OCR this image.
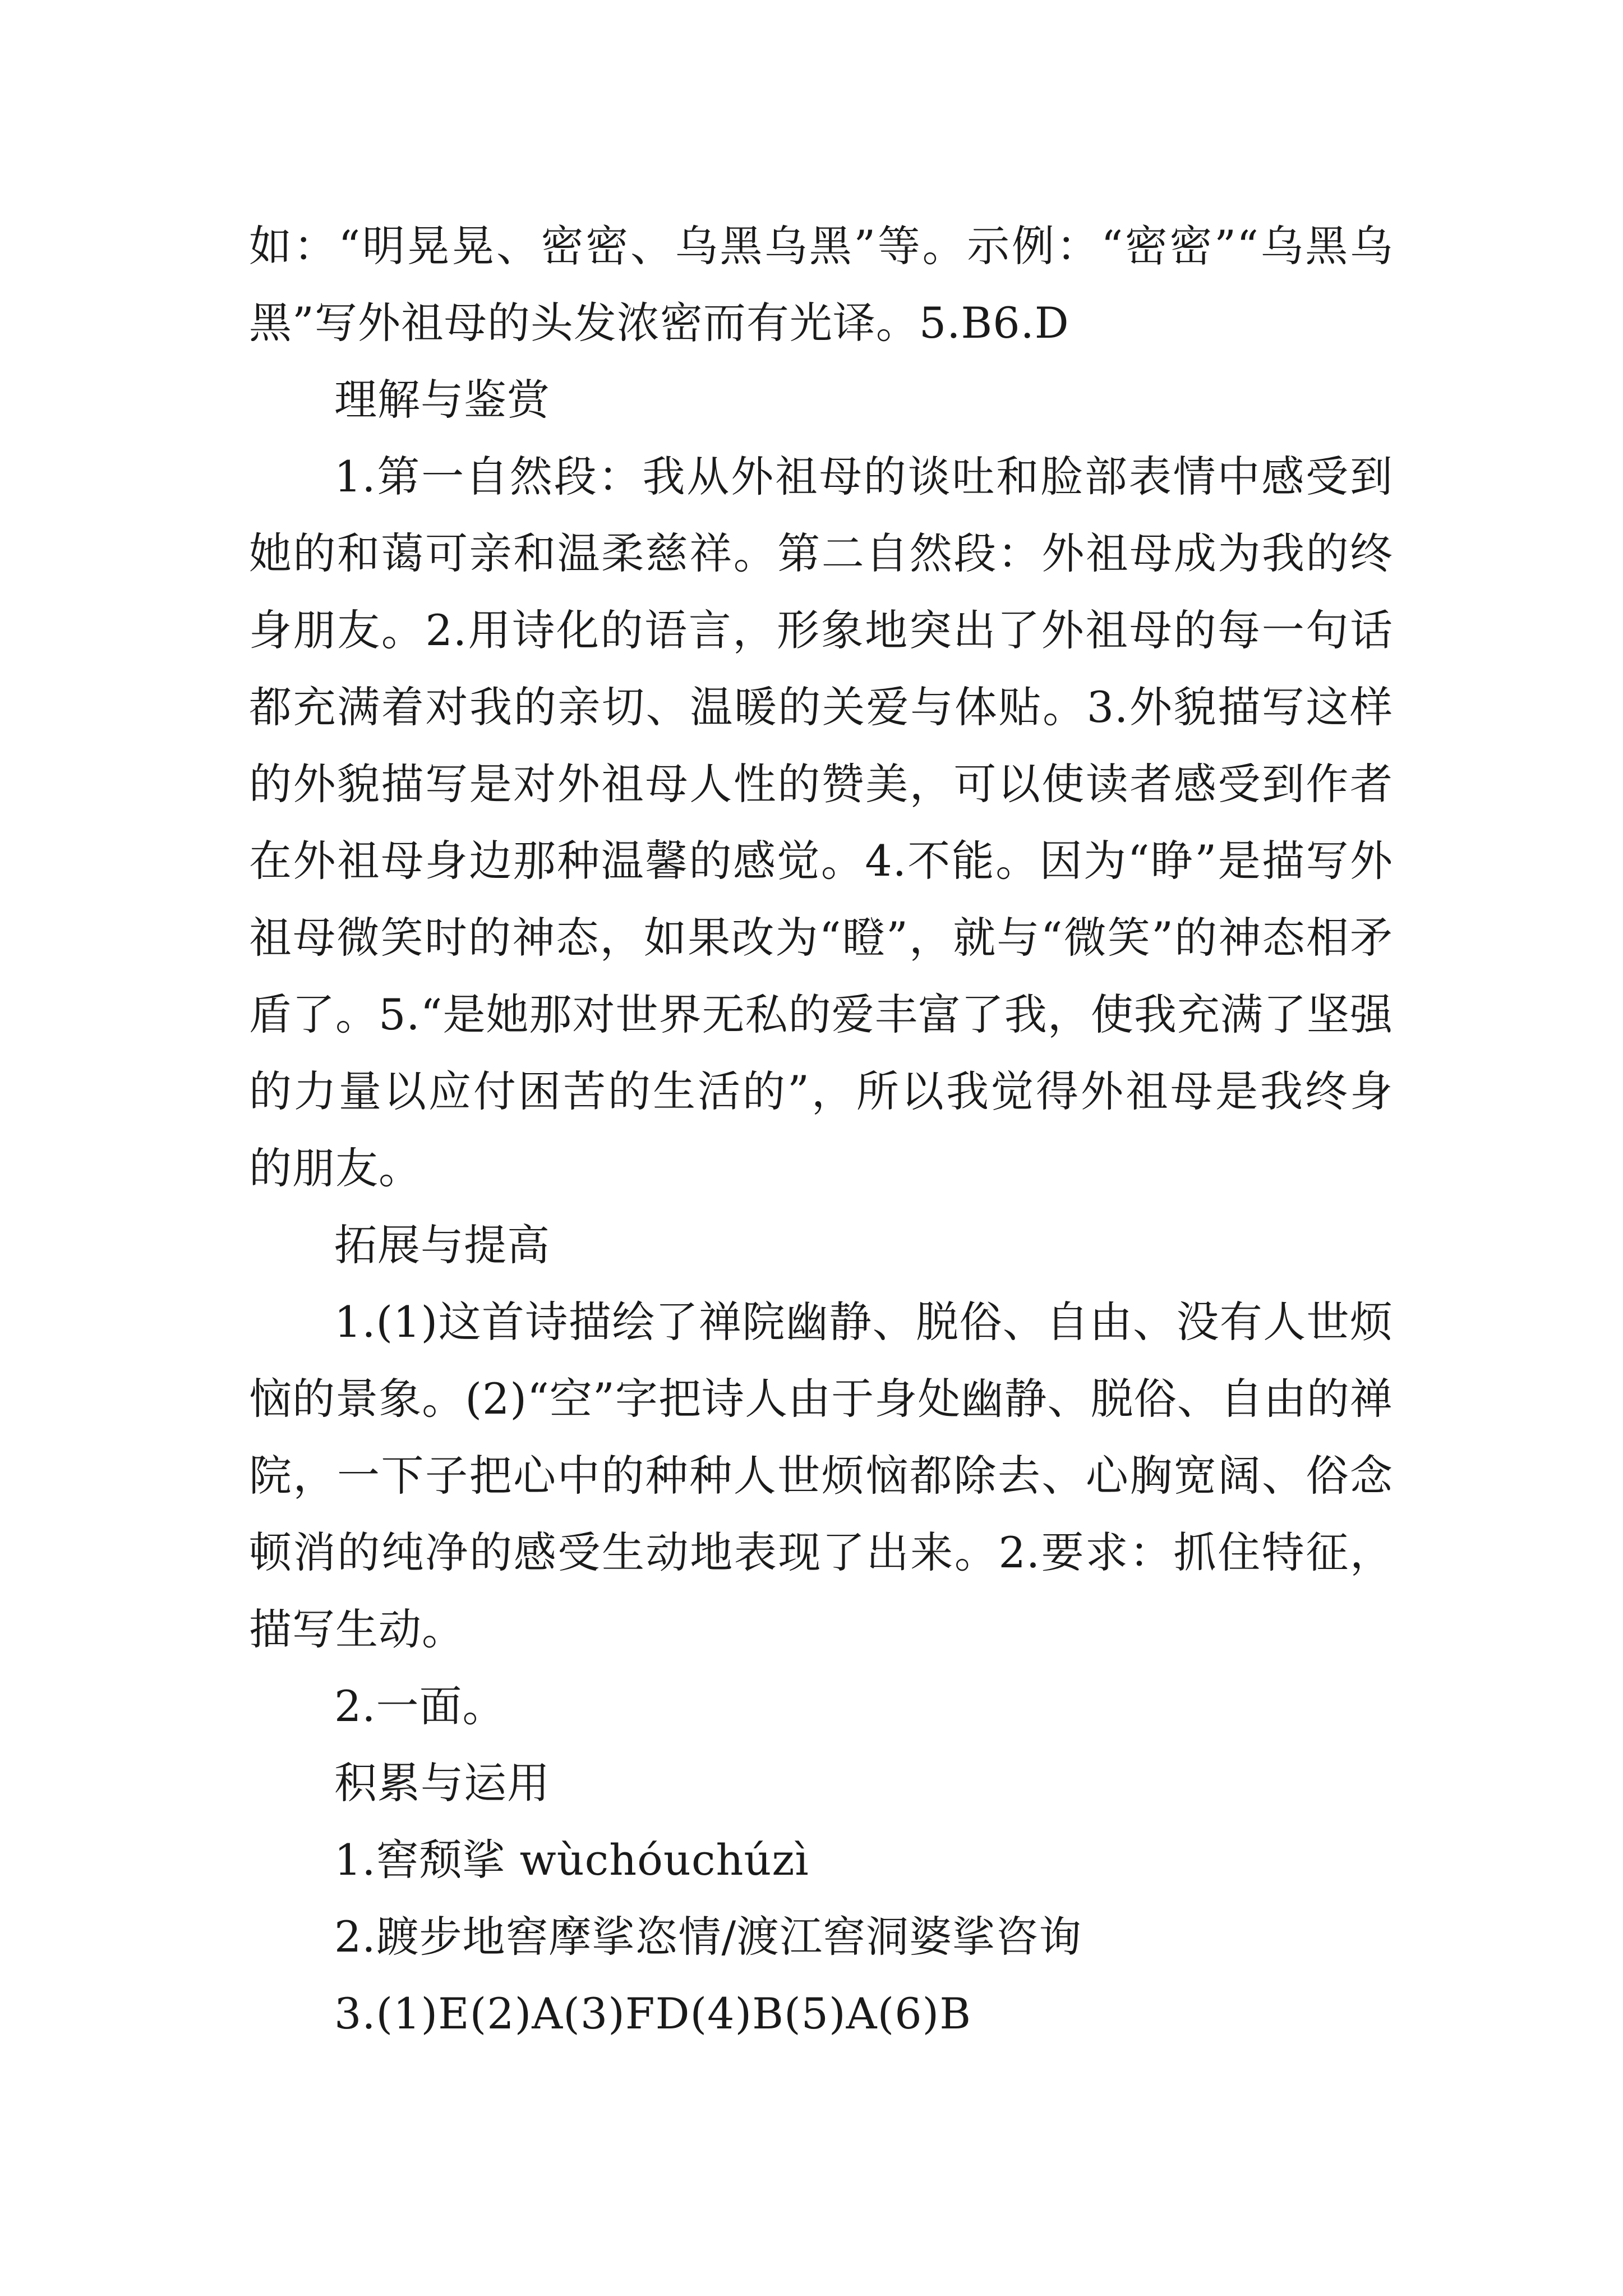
如：“明晃晃、密密、乌黑乌黑”等。示例：“密密”“乌黑乌黑”写外祖母的头发浓密而有光译。5.B6.D

理解与鉴赏

1.第一自然段：我从外祖母的谈吐和脸部表情中感受到她的和蔼可亲和温柔慈祥。第二自然段：外祖母成为我的终身朋友。2.用诗化的语言，形象地突出了外祖母的每一句话都充满着对我的亲切、温暖的关爱与体贴。3.外貌描写这样的外貌描写是对外祖母人性的赞美，可以使读者感受到作者在外祖母身边那种温馨的感觉。4.不能。因为“睁”是描写外祖母微笑时的神态，如果改为“瞪”，就与“微笑”的神态相矛盾了。5.“是她那对世界无私的爱丰富了我，使我充满了坚强的力量以应付困苦的生活的”，所以我觉得外祖母是我终身的朋友。

拓展与提高

1.(1)这首诗描绘了禅院幽静、脱俗、自由、没有人世烦恼的景象。(2)“空”字把诗人由于身处幽静、脱俗、自由的禅院，一下子把心中的种种人世烦恼都除去、心胸宽阔、俗念顿消的纯净的感受生动地表现了出来。2.要求：抓住特征，描写生动。

2.一面。

积累与运用

1.窖颓挲 wùchóuchúzì

2.踱步地窖摩挲恣情/渡江窖洞婆挲咨询

3.(1)E(2)A(3)FD(4)B(5)A(6)B
